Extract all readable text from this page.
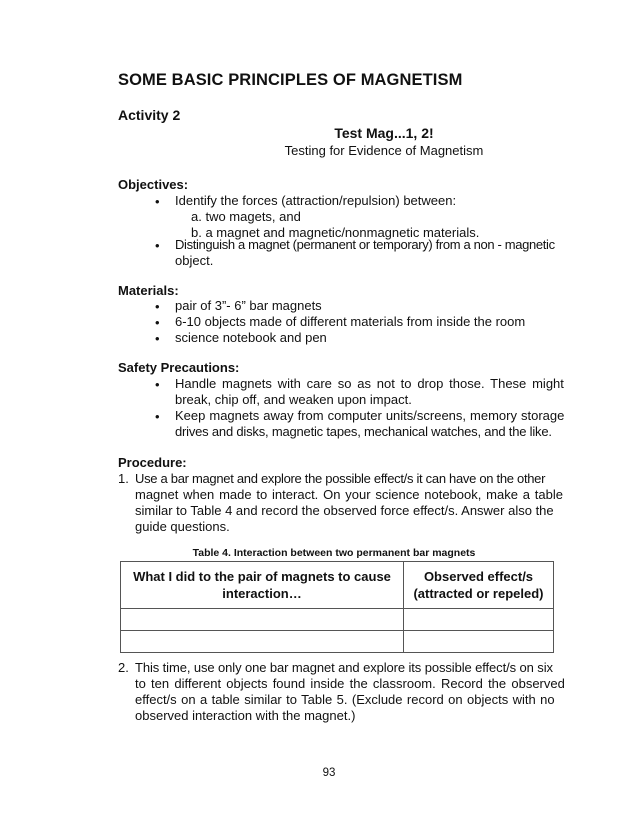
SOME BASIC PRINCIPLES OF MAGNETISM
Activity 2
Test Mag...1, 2!
Testing for Evidence of Magnetism
Objectives:
• Identify the forces (attraction/repulsion) between:
a. two magets, and
b. a magnet and magnetic/nonmagnetic materials.
• Distinguish a magnet (permanent or temporary) from a non - magnetic
object.
Materials:
• pair of 3”- 6” bar magnets
• 6-10 objects made of different materials from inside the room
• science notebook and pen
Safety Precautions:
• Handle magnets with care so as not to drop those. These might
break, chip off, and weaken upon impact.
• Keep magnets away from computer units/screens, memory storage
drives and disks, magnetic tapes, mechanical watches, and the like.
Procedure:
1. Use a bar magnet and explore the possible effect/s it can have on the other
magnet when made to interact. On your science notebook, make a table
similar to Table 4 and record the observed force effect/s. Answer also the
guide questions.
Table 4. Interaction between two permanent bar magnets
What I did to the pair of magnets to cause
interaction…	Observed effect/s
(attracted or repeled)

2. This time, use only one bar magnet and explore its possible effect/s on six
to ten different objects found inside the classroom. Record the observed
effect/s on a table similar to Table 5. (Exclude record on objects with no
observed interaction with the magnet.)
93
